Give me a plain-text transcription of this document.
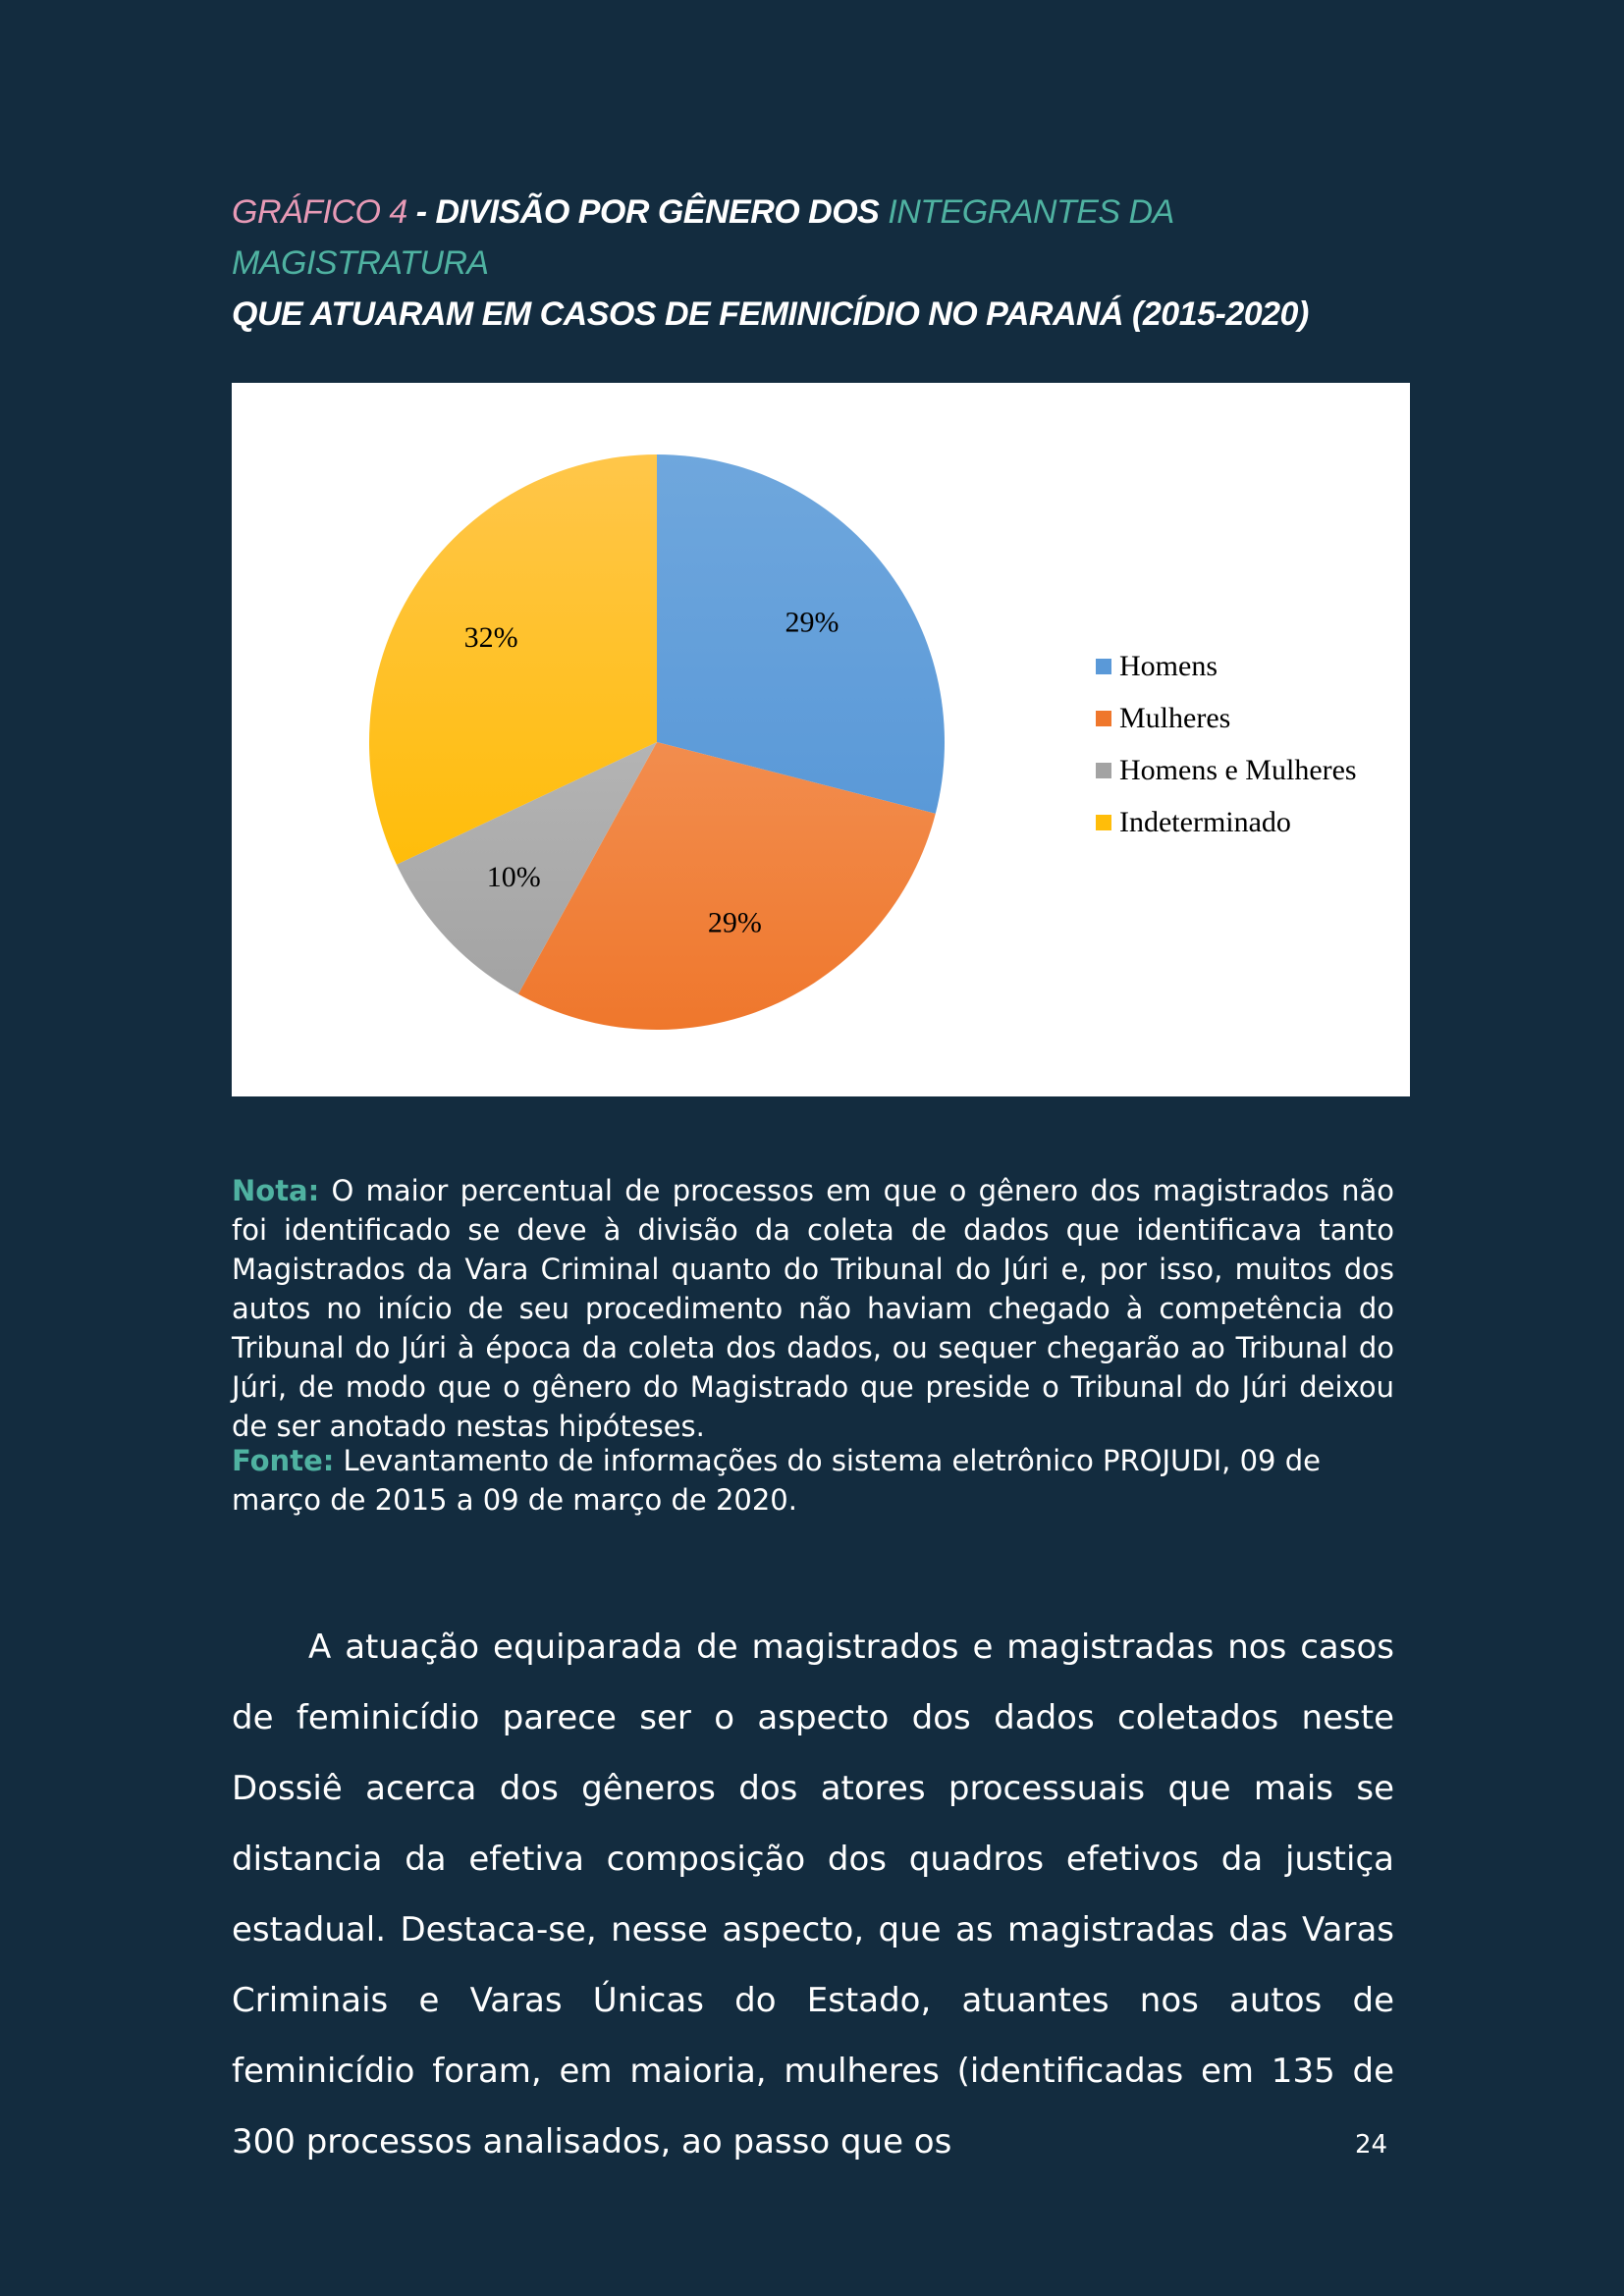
GRÁFICO 4 - DIVISÃO POR GÊNERO DOS INTEGRANTES DA MAGISTRATURA
QUE ATUARAM EM CASOS DE FEMINICÍDIO NO PARANÁ (2015-2020)
29%
29%
10%
32%
Homens
Mulheres
Homens e Mulheres
Indeterminado
Nota: O maior percentual de processos em que o gênero dos magistrados não foi identificado se deve à divisão da coleta de dados que identificava tanto Magistrados da Vara Criminal quanto do Tribunal do Júri e, por isso, muitos dos autos no início de seu procedimento não haviam chegado à competência do Tribunal do Júri à época da coleta dos dados, ou sequer chegarão ao Tribunal do Júri, de modo que o gênero do Magistrado que preside o Tribunal do Júri deixou de ser anotado nestas hipóteses.
Fonte: Levantamento de informações do sistema eletrônico PROJUDI, 09 de março de 2015 a 09 de março de 2020.
A atuação equiparada de magistrados e magistradas nos casos de feminicídio parece ser o aspecto dos dados coletados neste Dossiê acerca dos gêneros dos atores processuais que mais se distancia da efetiva composição dos quadros efetivos da justiça estadual. Destaca-se, nesse aspecto, que as magistradas das Varas Criminais e Varas Únicas do Estado, atuantes nos autos de feminicídio foram, em maioria, mulheres (identificadas em 135 de 300 processos analisados, ao passo que os	24
